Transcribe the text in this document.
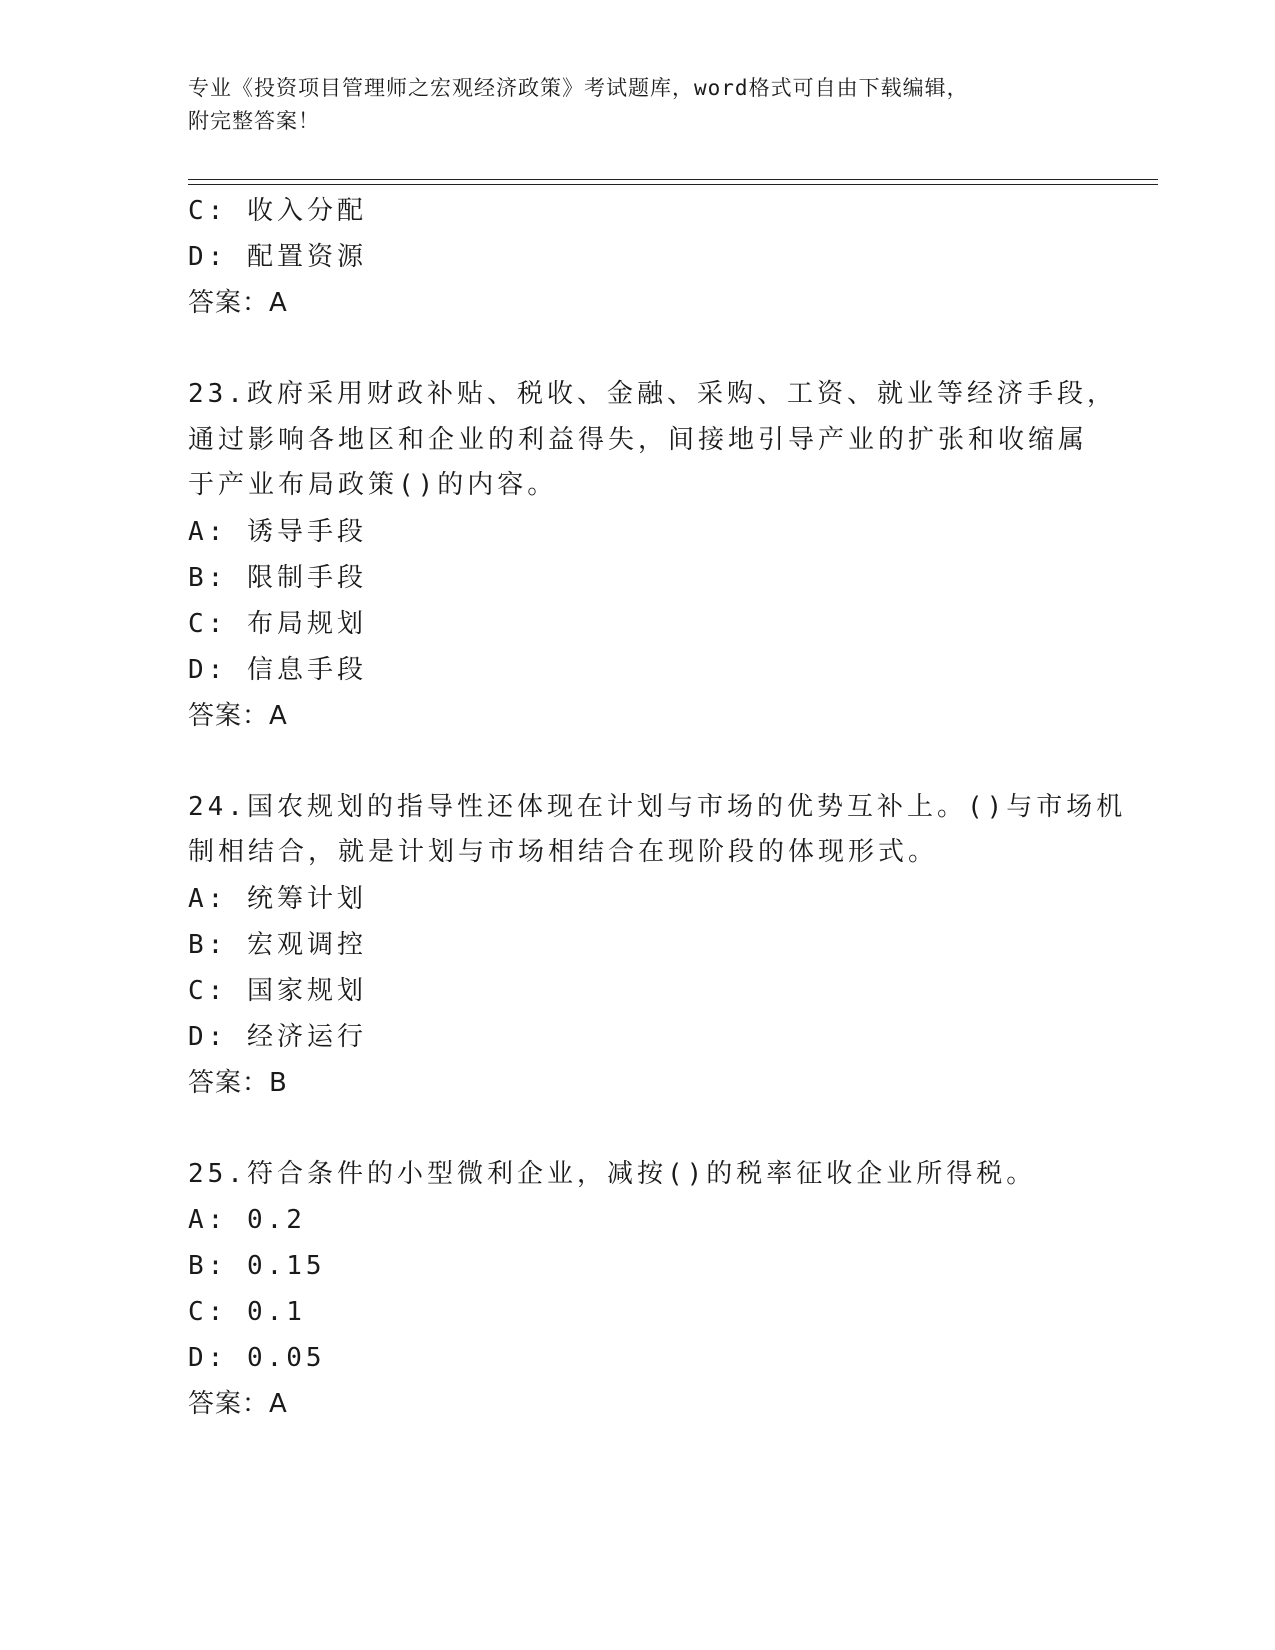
专业《投资项目管理师之宏观经济政策》考试题库，word格式可自由下载编辑，
附完整答案！
C: 收入分配
D: 配置资源
答案：A
23.政府采用财政补贴、税收、金融、采购、工资、就业等经济手段，
通过影响各地区和企业的利益得失，间接地引导产业的扩张和收缩属
于产业布局政策()的内容。
A: 诱导手段
B: 限制手段
C: 布局规划
D: 信息手段
答案：A
24.国农规划的指导性还体现在计划与市场的优势互补上。()与市场机
制相结合，就是计划与市场相结合在现阶段的体现形式。
A: 统筹计划
B: 宏观调控
C: 国家规划
D: 经济运行
答案：B
25.符合条件的小型微利企业，减按()的税率征收企业所得税。
A: 0.2
B: 0.15
C: 0.1
D: 0.05
答案：A
